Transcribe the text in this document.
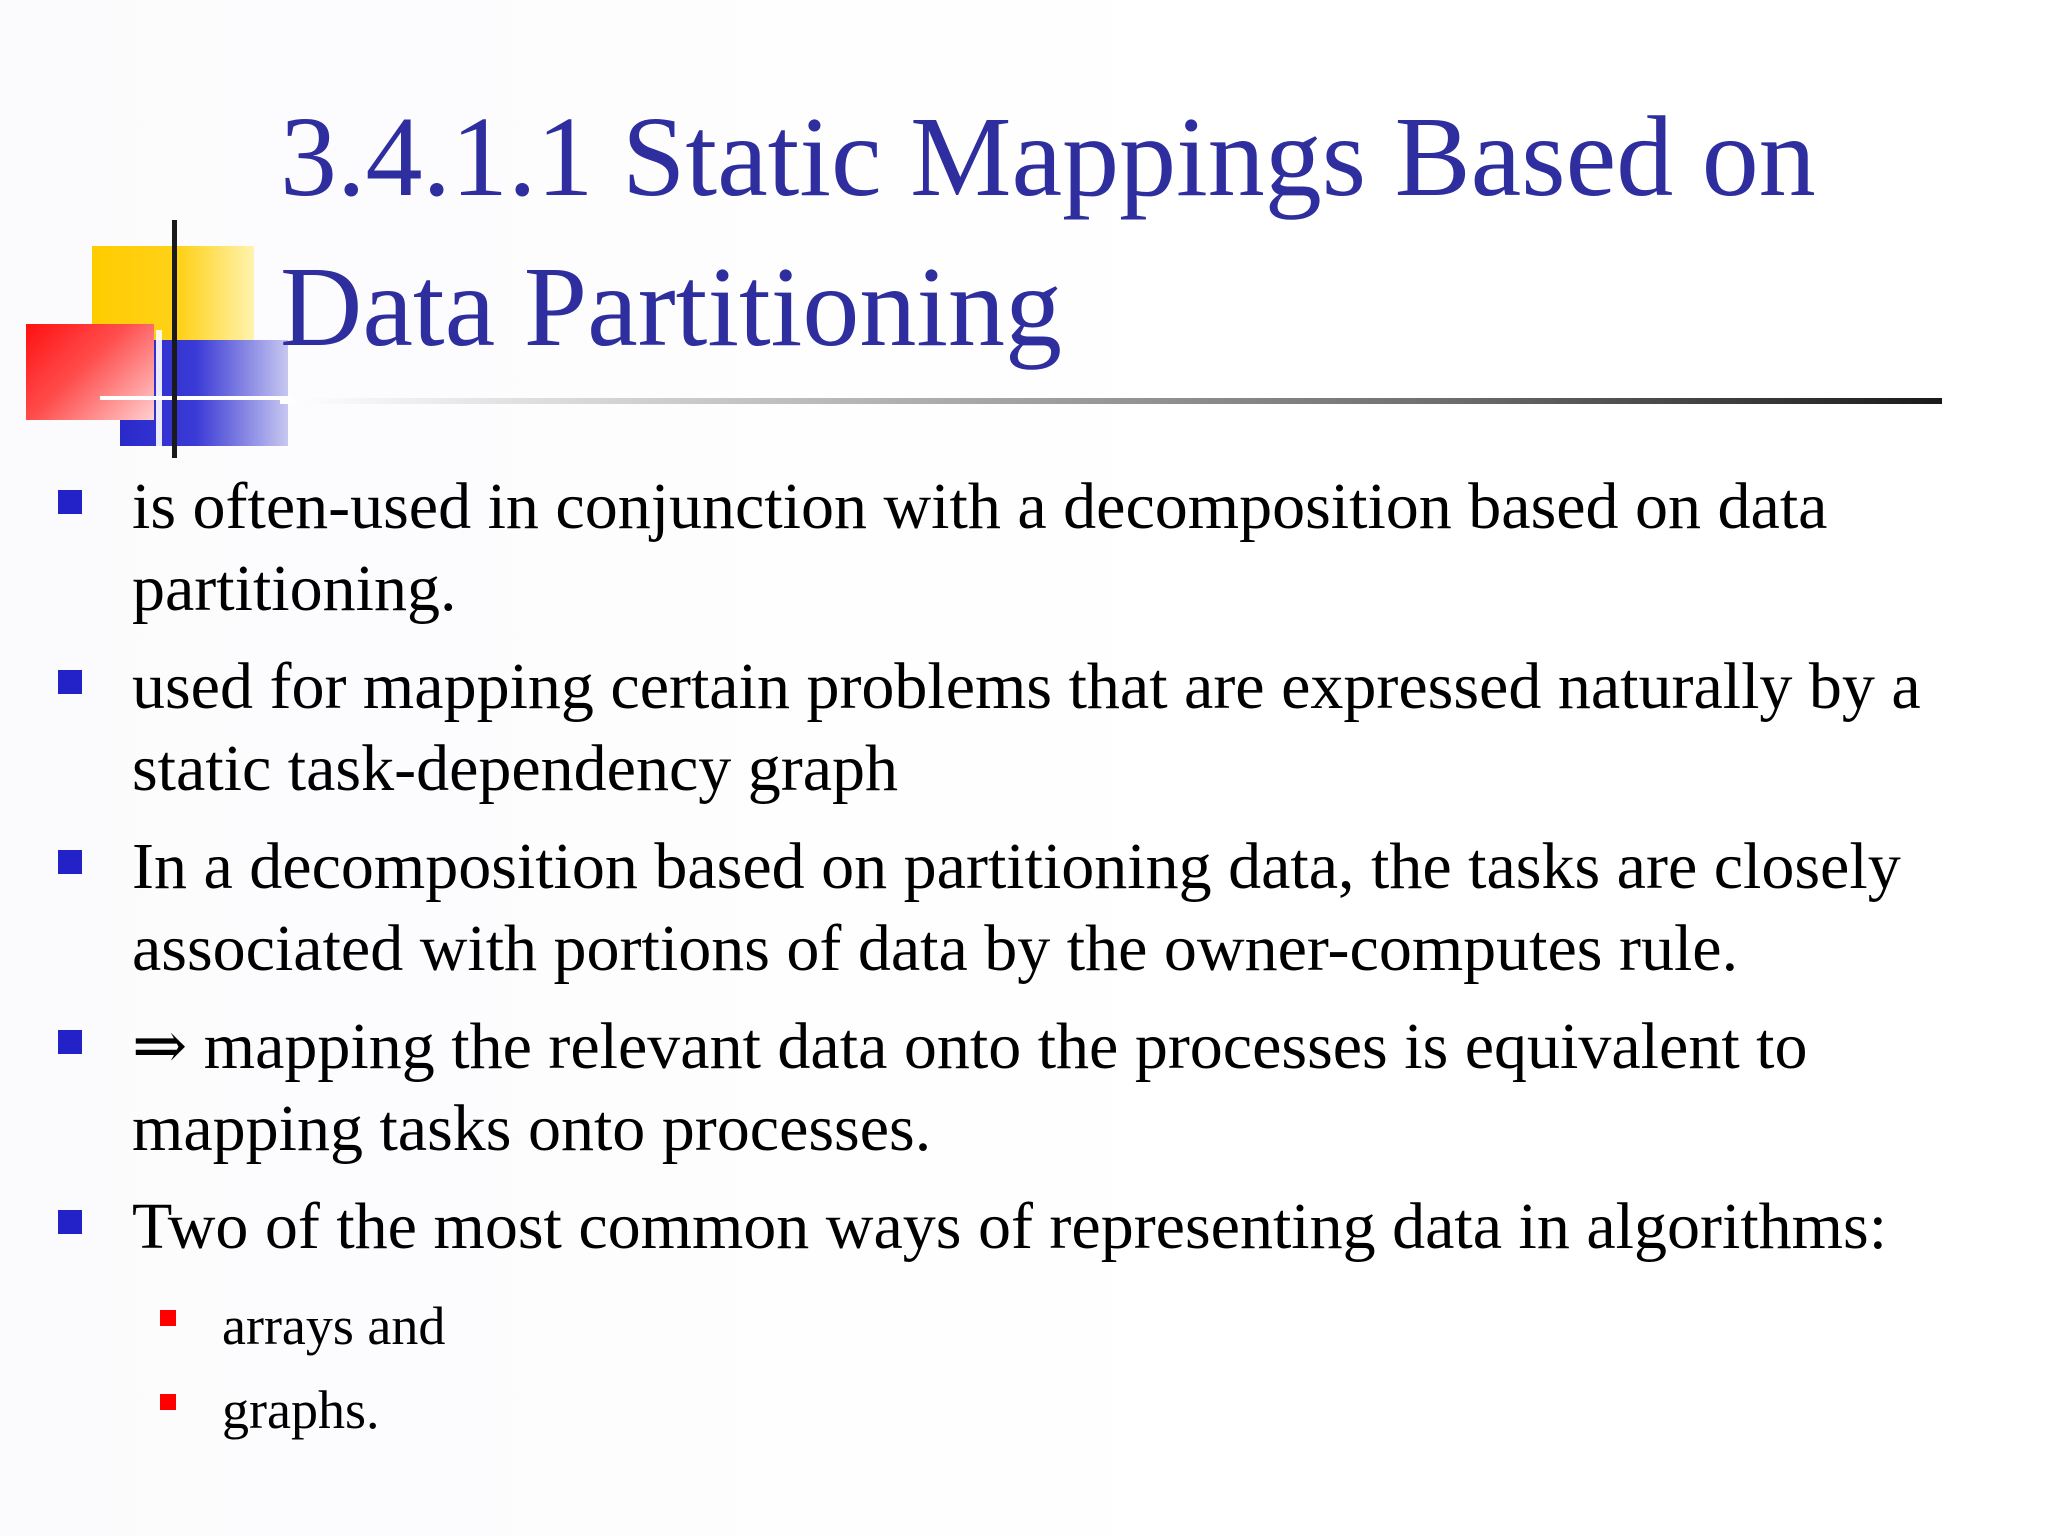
3.4.1.1 Static Mappings Based on Data Partitioning
is often-used in conjunction with a decomposition based on data partitioning.
used for mapping certain problems that are expressed naturally by a static task-dependency graph
In a decomposition based on partitioning data, the tasks are closely associated with portions of data by the owner-computes rule.
⇒ mapping the relevant data onto the processes is equivalent to mapping tasks onto processes.
Two of the most common ways of representing data in algorithms:
arrays and
graphs.
